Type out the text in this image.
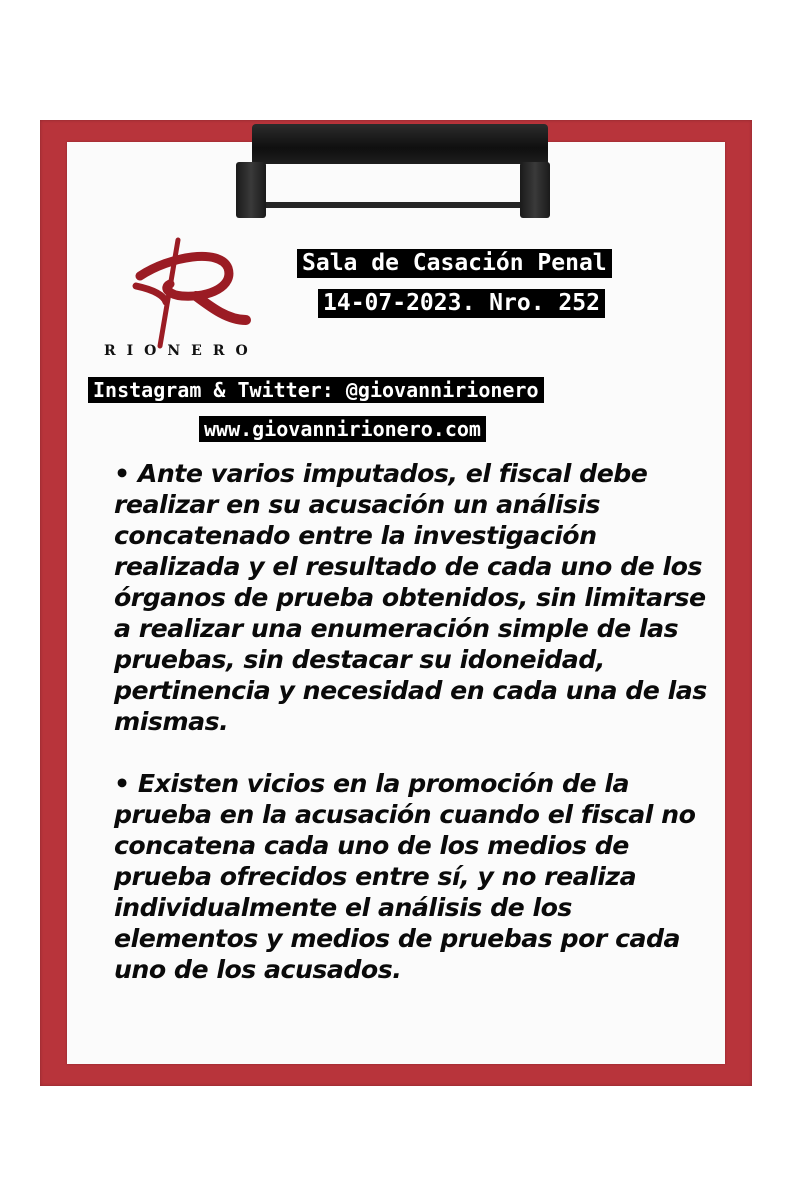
RIONERO
Sala de Casación Penal
14-07-2023. Nro. 252
Instagram & Twitter: @giovannirionero
www.giovannirionero.com

• Ante varios imputados, el fiscal debe realizar en su acusación un análisis concatenado entre la investigación realizada y el resultado de cada uno de los órganos de prueba obtenidos, sin limitarse a realizar una enumeración simple de las pruebas, sin destacar su idoneidad, pertinencia y necesidad en cada una de las mismas.

• Existen vicios en la promoción de la prueba en la acusación cuando el fiscal no concatena cada uno de los medios de prueba ofrecidos entre sí, y no realiza individualmente el análisis de los elementos y medios de pruebas por cada uno de los acusados.
